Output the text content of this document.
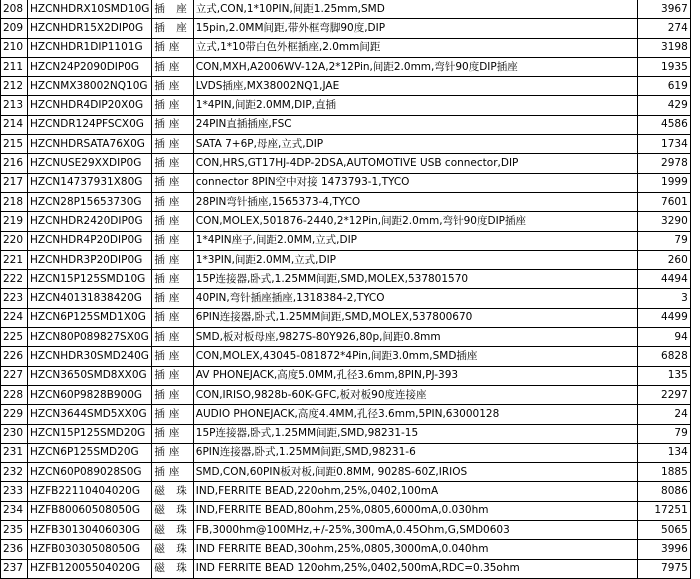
208	HZCNHDRX10SMD10G	插 座	立式,CON,1*10PIN,间距1.25mm,SMD	3967
209	HZCNHDR15X2DIP0G	插 座	15pin,2.0MM间距,带外框弯脚90度,DIP	274
210	HZCNHDR1DIP1101G	插座	立式,1*10带白色外框插座,2.0mm间距	3198
211	HZCN24P2090DIP0G	插座	CON,MXH,A2006WV-12A,2*12Pin,间距2.0mm,弯针90度DIP插座	1935
212	HZCNMX38002NQ10G	插座	LVDS插座,MX38002NQ1,JAE	619
213	HZCNHDR4DIP20X0G	插座	1*4PIN,间距2.0MM,DIP,直插	429
214	HZCNDR124PFSCX0G	插座	24PIN直插插座,FSC	4586
215	HZCNHDRSATA76X0G	插座	SATA 7+6P,母座,立式,DIP	1734
216	HZCNUSE29XXDIP0G	插座	CON,HRS,GT17HJ-4DP-2DSA,AUTOMOTIVE USB connector,DIP	2978
217	HZCN14737931X80G	插座	connector 8PIN空中对接 1473793-1,TYCO	1999
218	HZCN28P15653730G	插座	28PIN弯针插座,1565373-4,TYCO	7601
219	HZCNHDR2420DIP0G	插座	CON,MOLEX,501876-2440,2*12Pin,间距2.0mm,弯针90度DIP插座	3290
220	HZCNHDR4P20DIP0G	插座	1*4PIN座子,间距2.0MM,立式,DIP	79
221	HZCNHDR3P20DIP0G	插座	1*3PIN,间距2.0MM,立式,DIP	260
222	HZCN15P125SMD10G	插座	15P连接器,卧式,1.25MM间距,SMD,MOLEX,537801570	4494
223	HZCN40131838420G	插座	40PIN,弯针插座插座,1318384-2,TYCO	3
224	HZCN6P125SMD1X0G	插座	6PIN连接器,卧式,1.25MM间距,SMD,MOLEX,537800670	4499
225	HZCN80P089827SX0G	插座	SMD,板对板母座,9827S-80Y926,80p,间距0.8mm	94
226	HZCNHDR30SMD240G	插座	CON,MOLEX,43045-081872*4Pin,间距3.0mm,SMD插座	6828
227	HZCN3650SMD8XX0G	插座	AV PHONEJACK,高度5.0MM,孔径3.6mm,8PIN,PJ-393	135
228	HZCN60P9828B900G	插座	CON,IRISO,9828b-60K-GFC,板对板90度连接座	2297
229	HZCN3644SMD5XX0G	插座	AUDIO PHONEJACK,高度4.4MM,孔径3.6mm,5PIN,63000128	24
230	HZCN15P125SMD20G	插座	15P连接器,卧式,1.25MM间距,SMD,98231-15	79
231	HZCN6P125SMD20G	插座	6PIN连接器,卧式,1.25MM间距,SMD,98231-6	134
232	HZCN60P089028S0G	插座	SMD,CON,60PIN板对板,间距0.8MM, 9028S-60Z,IRIOS	1885
233	HZFB22110404020G	磁 珠	IND,FERRITE BEAD,220ohm,25%,0402,100mA	8086
234	HZFB80060508050G	磁 珠	IND,FERRITE BEAD,80ohm,25%,0805,6000mA,0.030hm	17251
235	HZFB30130406030G	磁 珠	FB,3000hm@100MHz,+/-25%,300mA,0.45Ohm,G,SMD0603	5065
236	HZFB03030508050G	磁 珠	IND FERRITE BEAD,30ohm,25%,0805,3000mA,0.040hm	3996
237	HZFB12005504020G	磁 珠	IND FERRITE BEAD 120ohm,25%,0402,500mA,RDC=0.35ohm	7975
